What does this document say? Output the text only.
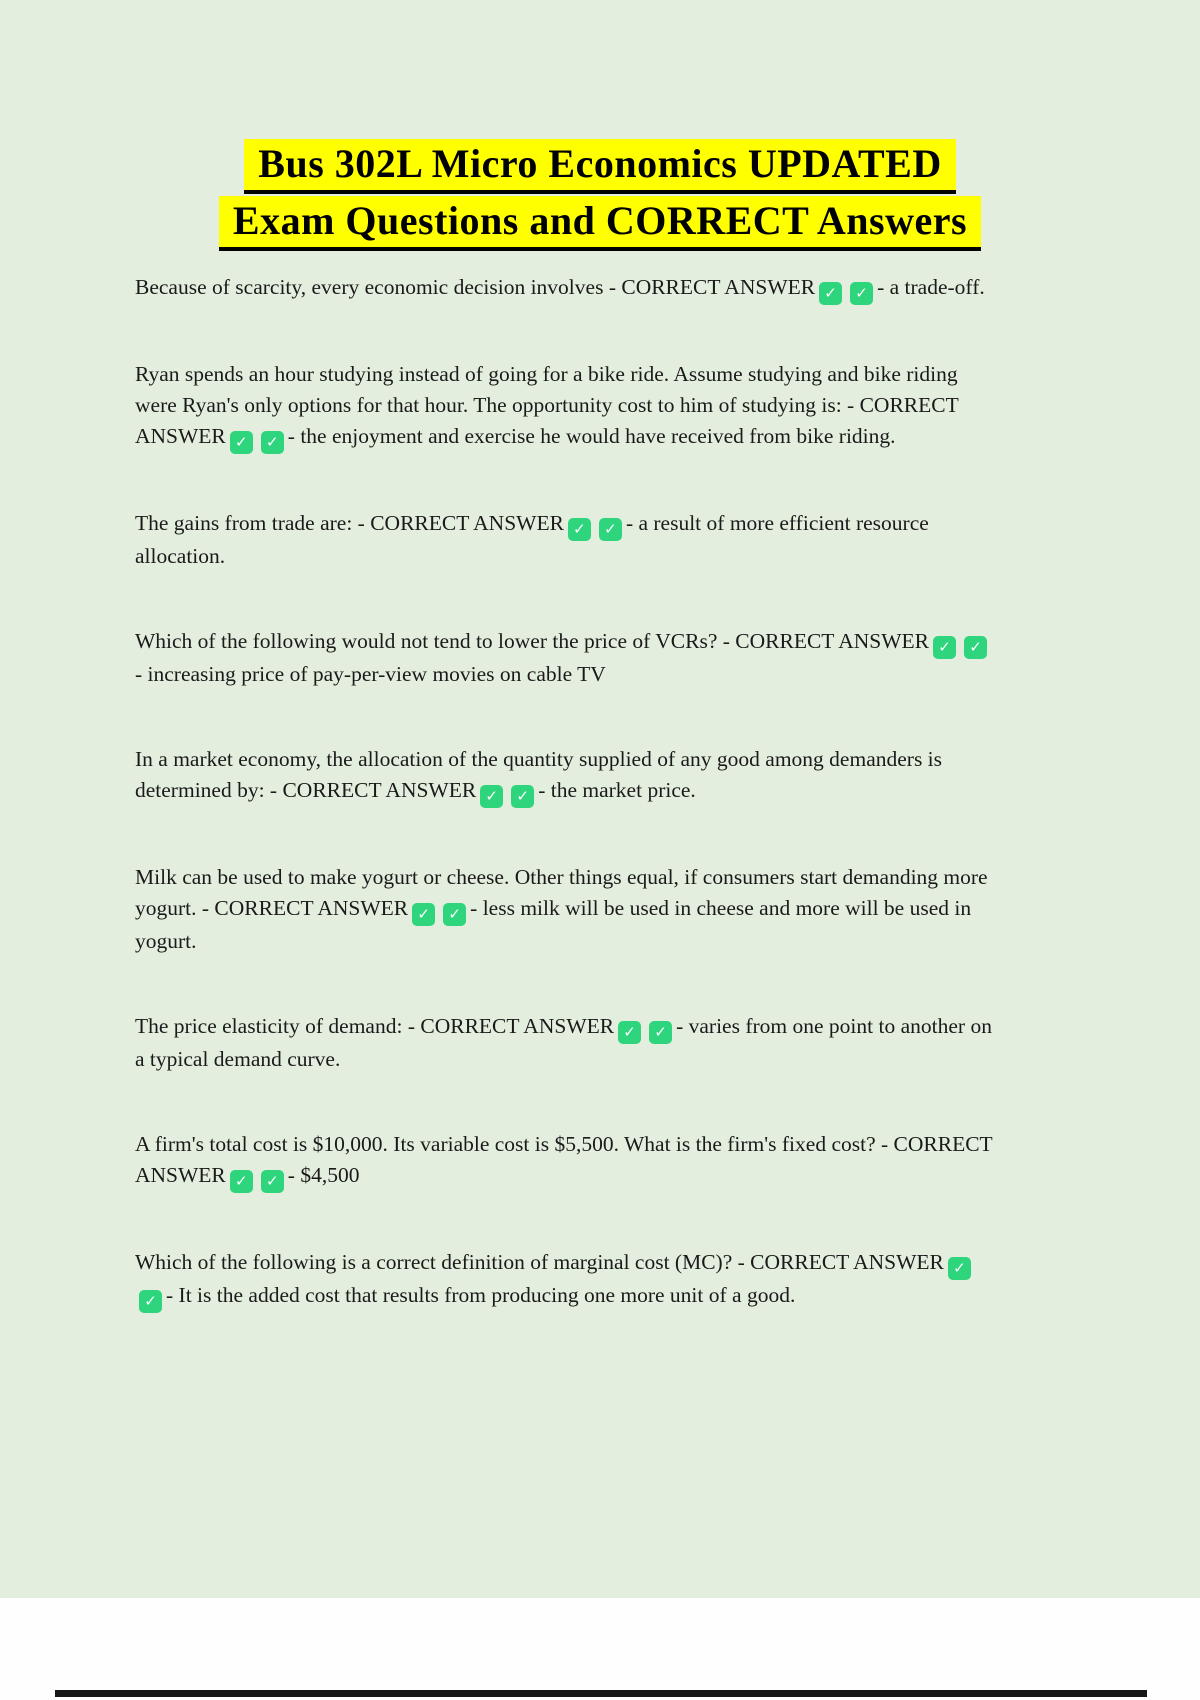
Bus 302L Micro Economics UPDATED
Exam Questions and CORRECT Answers

Because of scarcity, every economic decision involves - CORRECT ANSWER ✓ ✓ - a trade-off.

Ryan spends an hour studying instead of going for a bike ride. Assume studying and bike riding were Ryan's only options for that hour. The opportunity cost to him of studying is: - CORRECT ANSWER ✓ ✓ - the enjoyment and exercise he would have received from bike riding.

The gains from trade are: - CORRECT ANSWER ✓ ✓ - a result of more efficient resource allocation.

Which of the following would not tend to lower the price of VCRs? - CORRECT ANSWER ✓ ✓- increasing price of pay-per-view movies on cable TV

In a market economy, the allocation of the quantity supplied of any good among demanders is determined by: - CORRECT ANSWER ✓ ✓ - the market price.

Milk can be used to make yogurt or cheese. Other things equal, if consumers start demanding more yogurt. - CORRECT ANSWER ✓ ✓ - less milk will be used in cheese and more will be used in yogurt.

The price elasticity of demand: - CORRECT ANSWER ✓ ✓ - varies from one point to another on a typical demand curve.

A firm's total cost is $10,000. Its variable cost is $5,500. What is the firm's fixed cost? - CORRECT ANSWER ✓ ✓ - $4,500

Which of the following is a correct definition of marginal cost (MC)? - CORRECT ANSWER ✓✓ - It is the added cost that results from producing one more unit of a good.
